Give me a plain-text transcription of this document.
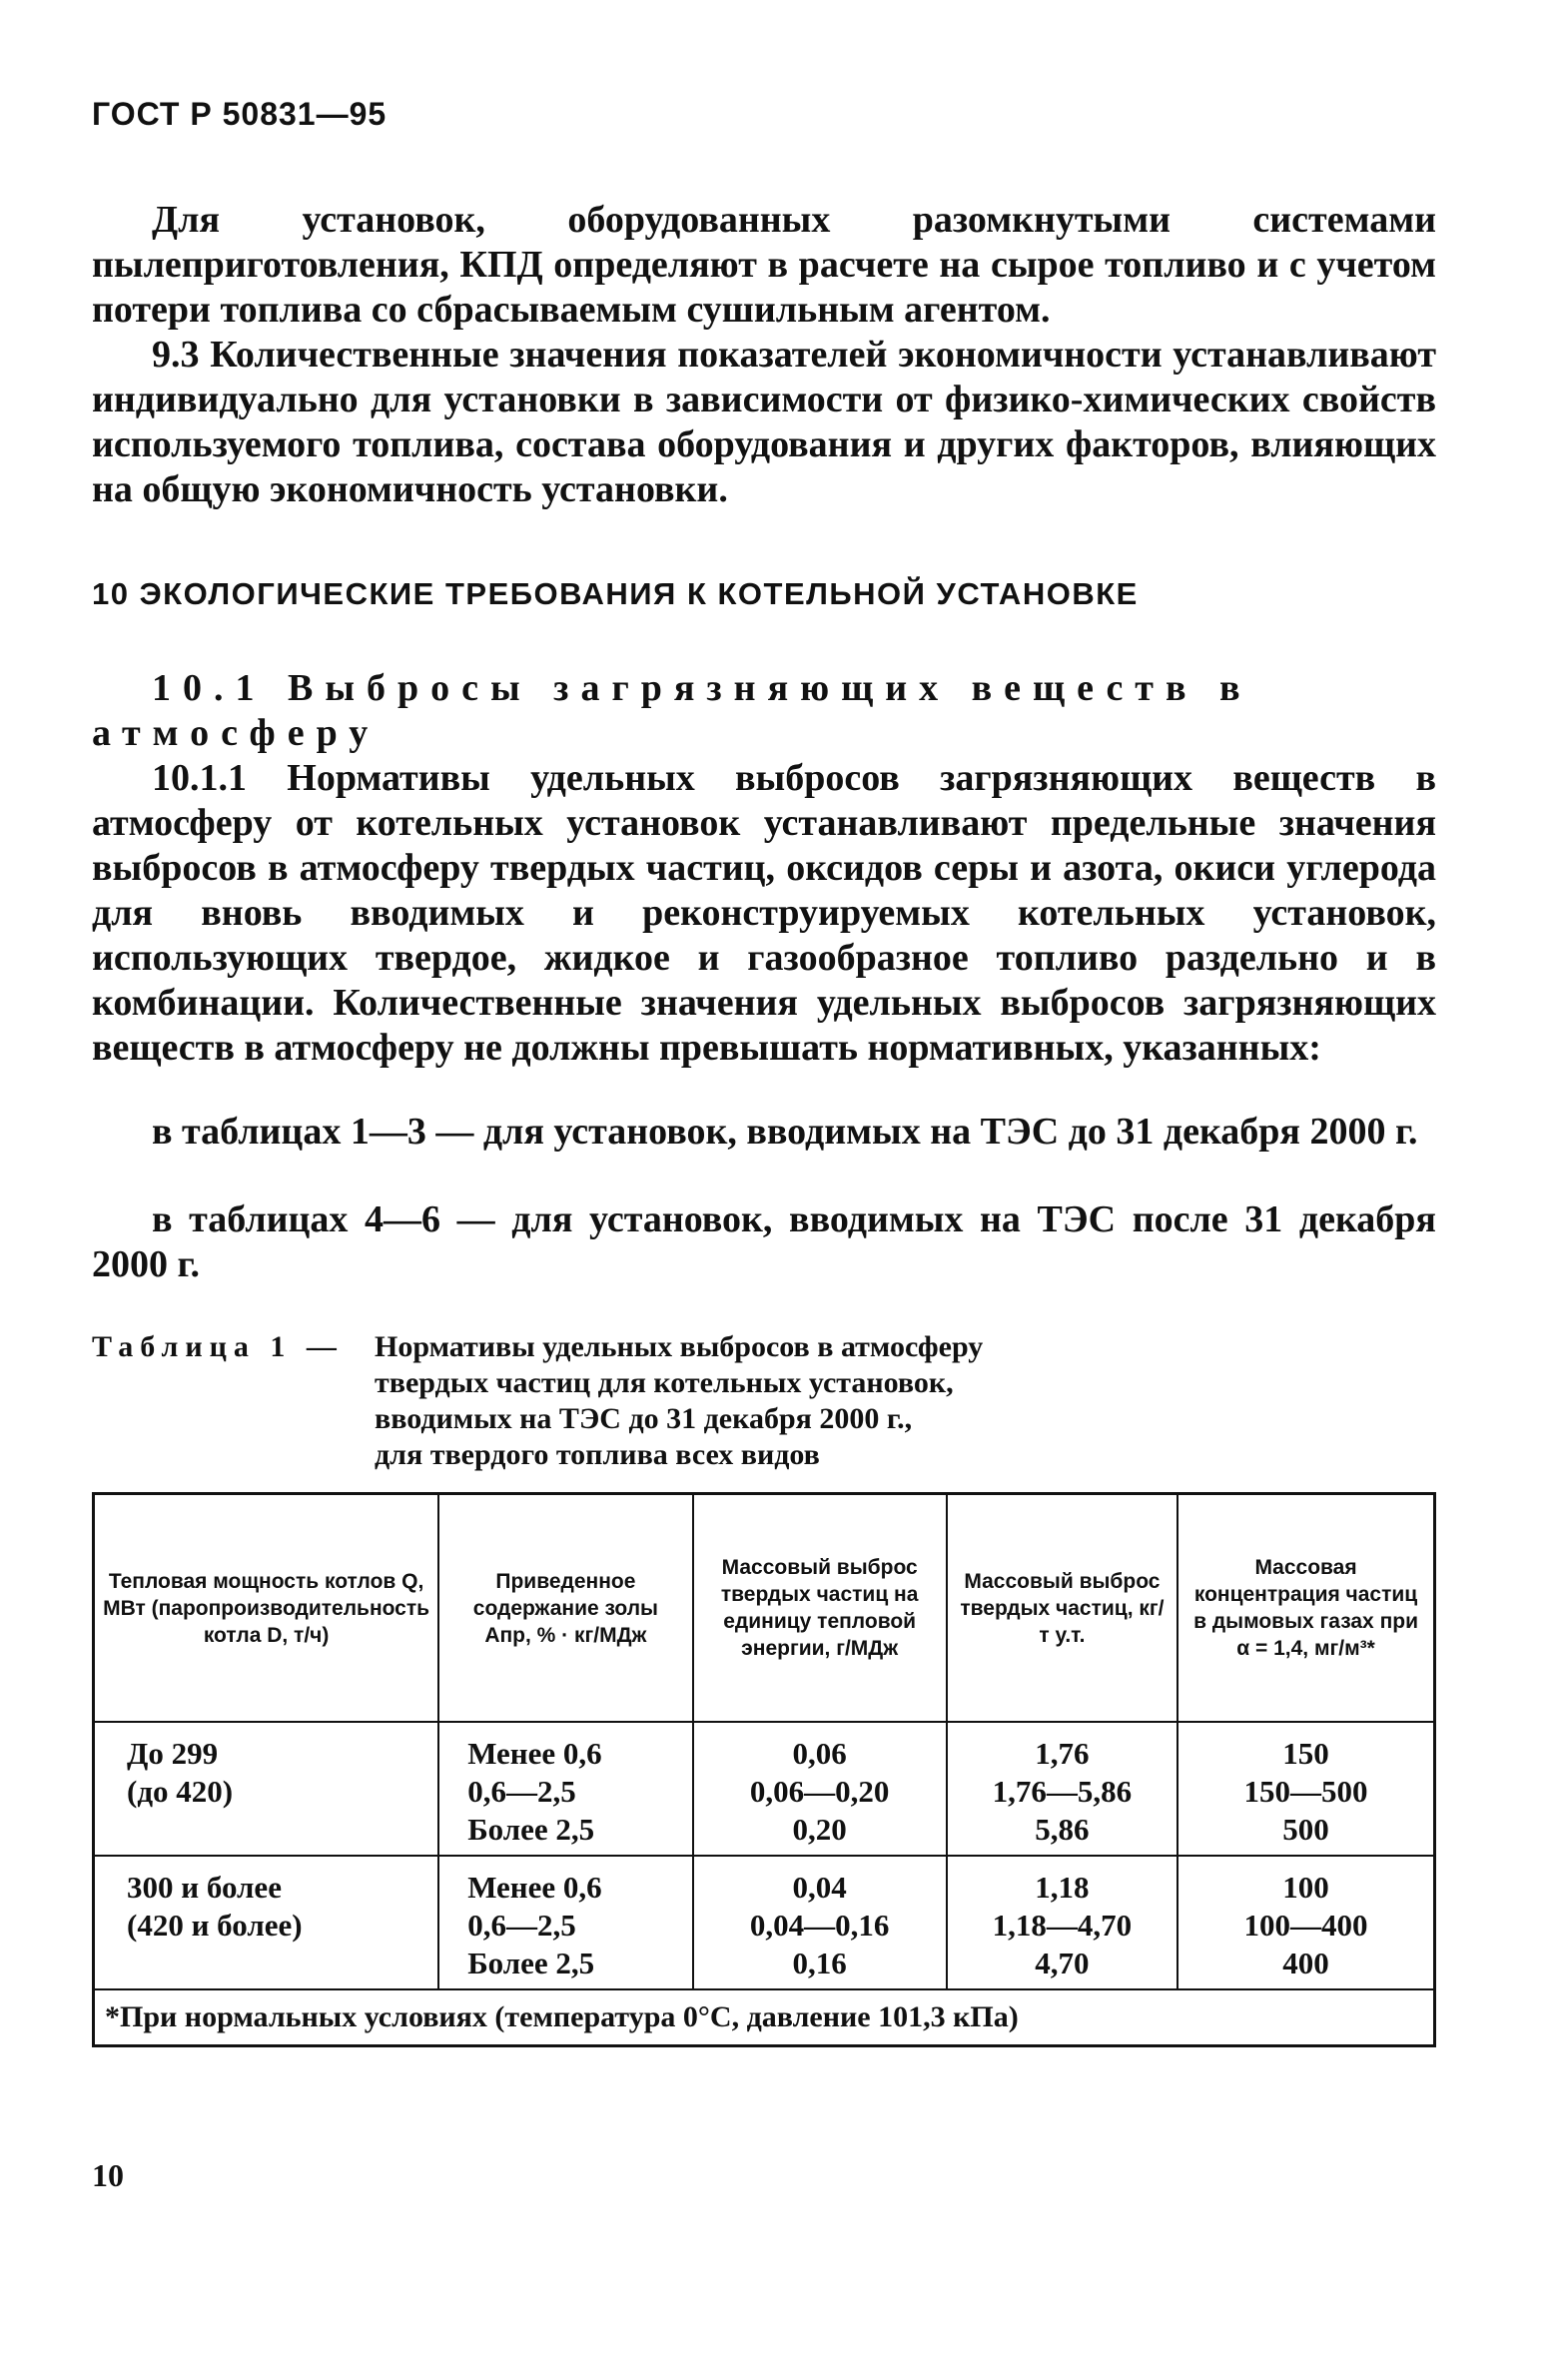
ГОСТ Р 50831—95

Для установок, оборудованных разомкнутыми системами пылеприготовления, КПД определяют в расчете на сырое топливо и с учетом потери топлива со сбрасываемым сушильным агентом.

9.3 Количественные значения показателей экономичности устанавливают индивидуально для установки в зависимости от физико-химических свойств используемого топлива, состава оборудования и других факторов, влияющих на общую экономичность установки.

10 ЭКОЛОГИЧЕСКИЕ ТРЕБОВАНИЯ К КОТЕЛЬНОЙ УСТАНОВКЕ

10.1 Выбросы загрязняющих веществ в атмосферу

10.1.1 Нормативы удельных выбросов загрязняющих веществ в атмосферу от котельных установок устанавливают предельные значения выбросов в атмосферу твердых частиц, оксидов серы и азота, окиси углерода для вновь вводимых и реконструируемых котельных установок, использующих твердое, жидкое и газообразное топливо раздельно и в комбинации. Количественные значения удельных выбросов загрязняющих веществ в атмосферу не должны превышать нормативных, указанных:

в таблицах 1—3 — для установок, вводимых на ТЭС до 31 декабря 2000 г.

в таблицах 4—6 — для установок, вводимых на ТЭС после 31 декабря 2000 г.

Таблица 1 — Нормативы удельных выбросов в атмосферу
твердых частиц для котельных установок,
вводимых на ТЭС до 31 декабря 2000 г.,
для твердого топлива всех видов
Тепловая мощность котлов Q, МВт (паропроизводительность котла D, т/ч)	Приведенное содержание золы Aпр, % · кг/МДж	Массовый выброс твердых частиц на единицу тепловой энергии, г/МДж	Массовый выброс твердых частиц, кг/т у.т.	Массовая концентрация частиц в дымовых газах при α = 1,4, мг/м³*

До 299
(до 420)	Менее 0,6
0,6—2,5
Более 2,5	0,06
0,06—0,20
0,20	1,76
1,76—5,86
5,86	150
150—500
500

300 и более
(420 и более)	Менее 0,6
0,6—2,5
Более 2,5	0,04
0,04—0,16
0,16	1,18
1,18—4,70
4,70	100
100—400
400

*При нормальных условиях (температура 0°С, давление 101,3 кПа)				
10
